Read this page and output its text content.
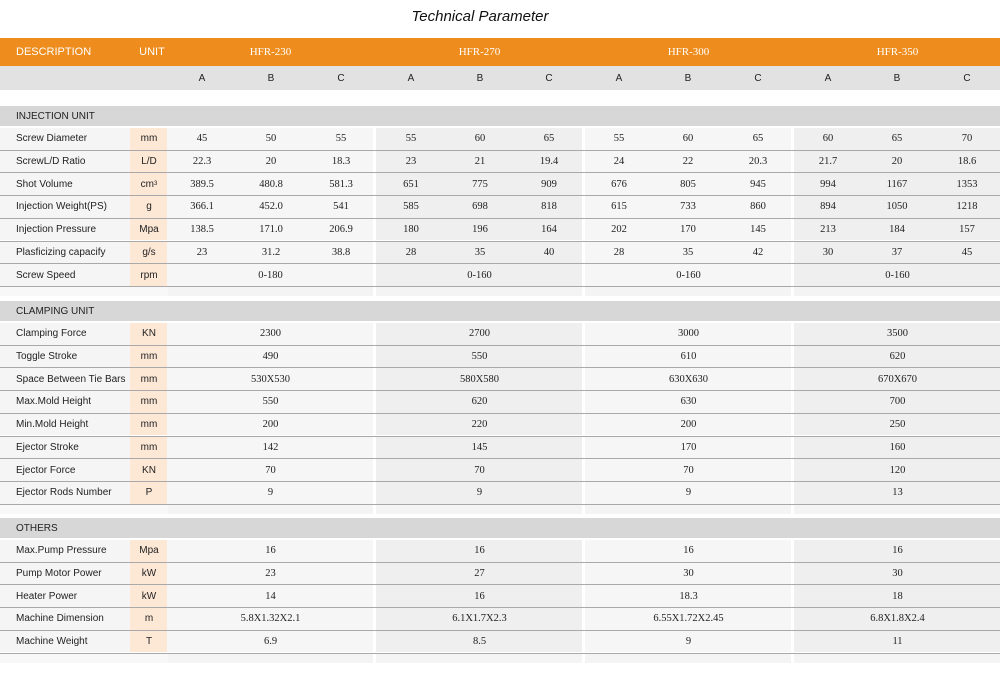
Technical Parameter
DESCRIPTION	UNIT	HFR-230	HFR-270	HFR-300	HFR-350
A	B	C	A	B	C	A	B	C	A	B	C
INJECTION UNIT
Screw Diameter	mm	45	50	55	55	60	65	55	60	65	60	65	70
ScrewL/D Ratio	L/D	22.3	20	18.3	23	21	19.4	24	22	20.3	21.7	20	18.6
Shot Volume	cm 3	389.5	480.8	581.3	651	775	909	676	805	945	994	1167	1353
Injection Weight(PS)	g	366.1	452.0	541	585	698	818	615	733	860	894	1050	1218
Injection Pressure	Mpa	138.5	171.0	206.9	180	196	164	202	170	145	213	184	157
Plasficizing capacify	g/s	23	31.2	38.8	28	35	40	28	35	42	30	37	45
Screw Speed	rpm	0-180	0-160	0-160	0-160
CLAMPING UNIT
Clamping Force	KN	2300	2700	3000	3500
Toggle Stroke	mm	490	550	610	620
Space Between Tie Bars	mm	530X530	580X580	630X630	670X670
Max.Mold Height	mm	550	620	630	700
Min.Mold Height	mm	200	220	200	250
Ejector Stroke	mm	142	145	170	160
Ejector Force	KN	70	70	70	120
Ejector Rods Number	P	9	9	9	13
OTHERS
Max.Pump Pressure	Mpa	16	16	16	16
Pump Motor Power	kW	23	27	30	30
Heater Power	kW	14	16	18.3	18
Machine Dimension	m	5.8X1.32X2.1	6.1X1.7X2.3	6.55X1.72X2.45	6.8X1.8X2.4
Machine Weight	T	6.9	8.5	9	11
